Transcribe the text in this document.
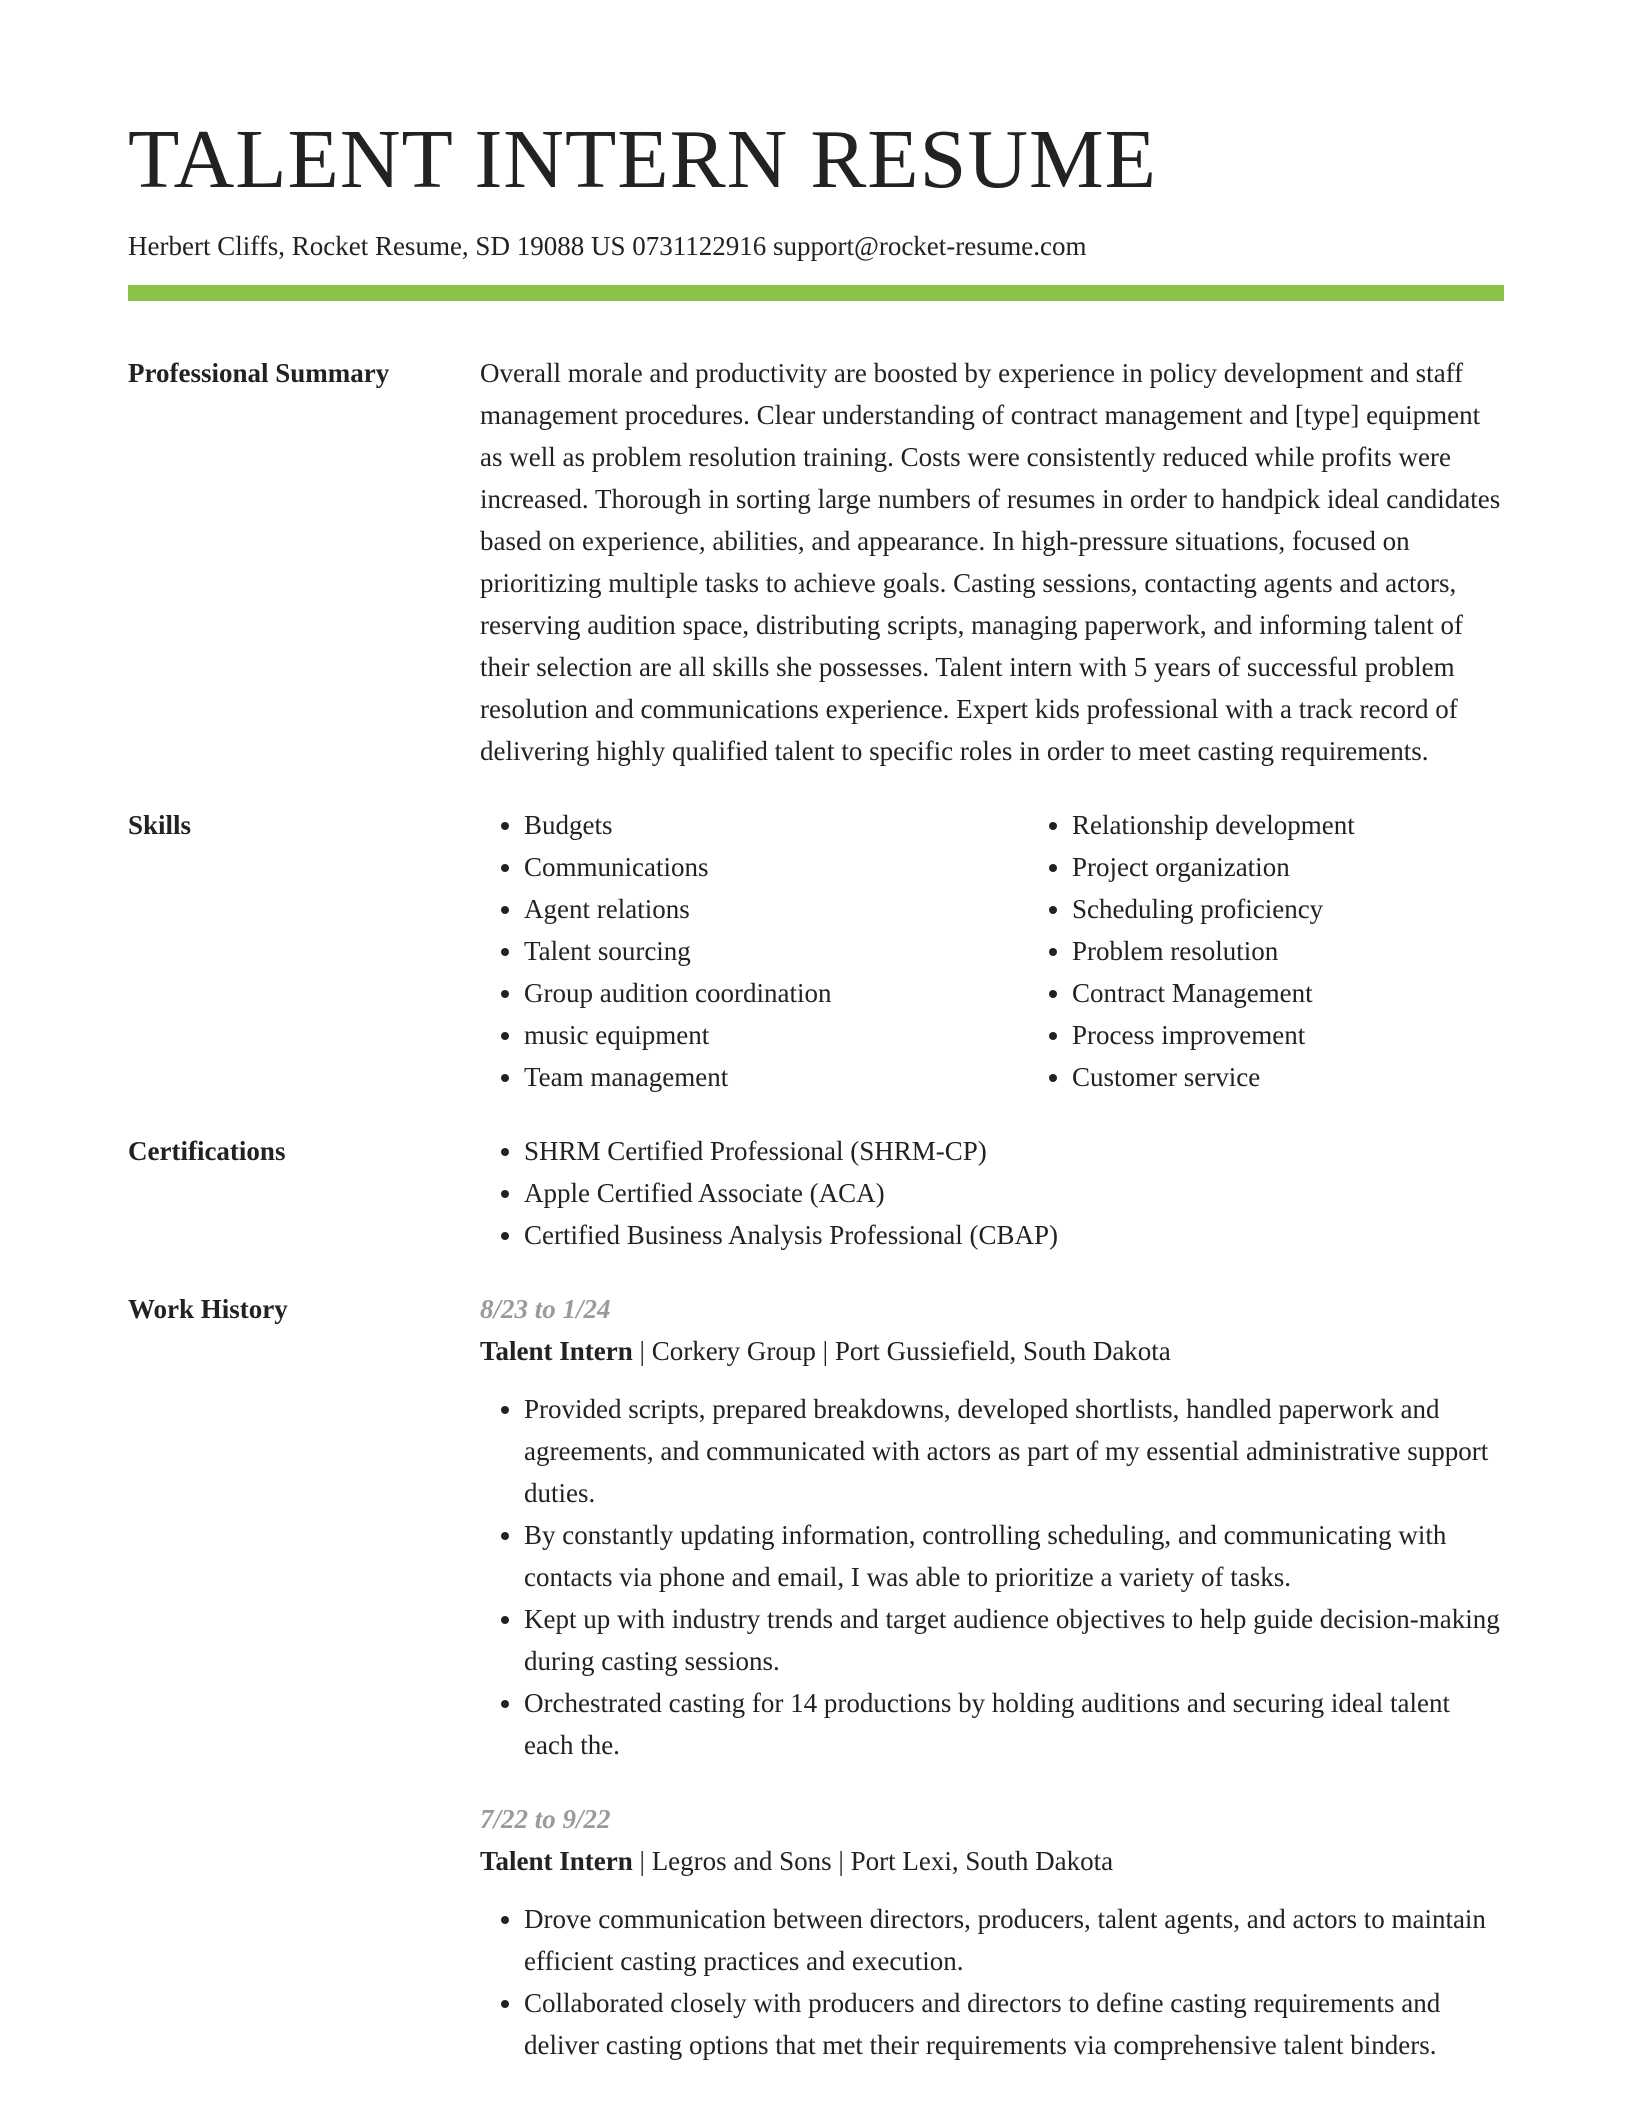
TALENT INTERN RESUME
Herbert Cliffs, Rocket Resume, SD 19088 US 0731122916 support@rocket-resume.com
Professional Summary	Overall morale and productivity are boosted by experience in policy development and staff management procedures. Clear understanding of contract management and [type] equipment as well as problem resolution training. Costs were consistently reduced while profits were increased. Thorough in sorting large numbers of resumes in order to handpick ideal candidates based on experience, abilities, and appearance. In high-pressure situations, focused on prioritizing multiple tasks to achieve goals. Casting sessions, contacting agents and actors, reserving audition space, distributing scripts, managing paperwork, and informing talent of their selection are all skills she possesses. Talent intern with 5 years of successful problem resolution and communications experience. Expert kids professional with a track record of delivering highly qualified talent to specific roles in order to meet casting requirements.
Skills	• Budgets
• Communications
• Agent relations
• Talent sourcing
• Group audition coordination
• music equipment
• Team management
• Relationship development
• Project organization
• Scheduling proficiency
• Problem resolution
• Contract Management
• Process improvement
• Customer service
Certifications	• SHRM Certified Professional (SHRM-CP)
• Apple Certified Associate (ACA)
• Certified Business Analysis Professional (CBAP)
Work History	8/23 to 1/24
Talent Intern | Corkery Group | Port Gussiefield, South Dakota
• Provided scripts, prepared breakdowns, developed shortlists, handled paperwork and agreements, and communicated with actors as part of my essential administrative support duties.
• By constantly updating information, controlling scheduling, and communicating with contacts via phone and email, I was able to prioritize a variety of tasks.
• Kept up with industry trends and target audience objectives to help guide decision-making during casting sessions.
• Orchestrated casting for 14 productions by holding auditions and securing ideal talent each the.
7/22 to 9/22
Talent Intern | Legros and Sons | Port Lexi, South Dakota
• Drove communication between directors, producers, talent agents, and actors to maintain efficient casting practices and execution.
• Collaborated closely with producers and directors to define casting requirements and deliver casting options that met their requirements via comprehensive talent binders.
